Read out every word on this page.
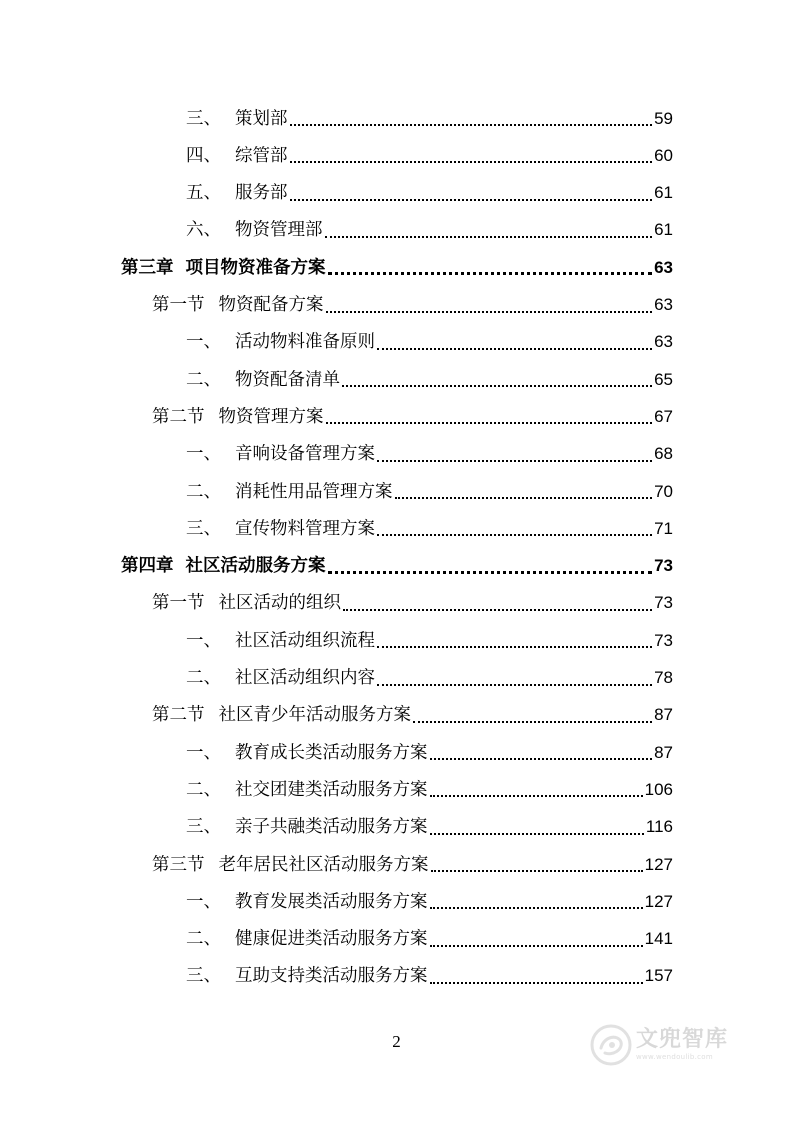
三、 策划部	59
四、 综管部	60
五、 服务部	61
六、 物资管理部	61
第三章 项目物资准备方案	63
第一节 物资配备方案	63
一、 活动物料准备原则	63
二、 物资配备清单	65
第二节 物资管理方案	67
一、 音响设备管理方案	68
二、 消耗性用品管理方案	70
三、 宣传物料管理方案	71
第四章 社区活动服务方案	73
第一节 社区活动的组织	73
一、 社区活动组织流程	73
二、 社区活动组织内容	78
第二节 社区青少年活动服务方案	87
一、 教育成长类活动服务方案	87
二、 社交团建类活动服务方案	106
三、 亲子共融类活动服务方案	116
第三节 老年居民社区活动服务方案	127
一、 教育发展类活动服务方案	127
二、 健康促进类活动服务方案	141
三、 互助支持类活动服务方案	157
2	文兜智库
www.wendoulib.com
